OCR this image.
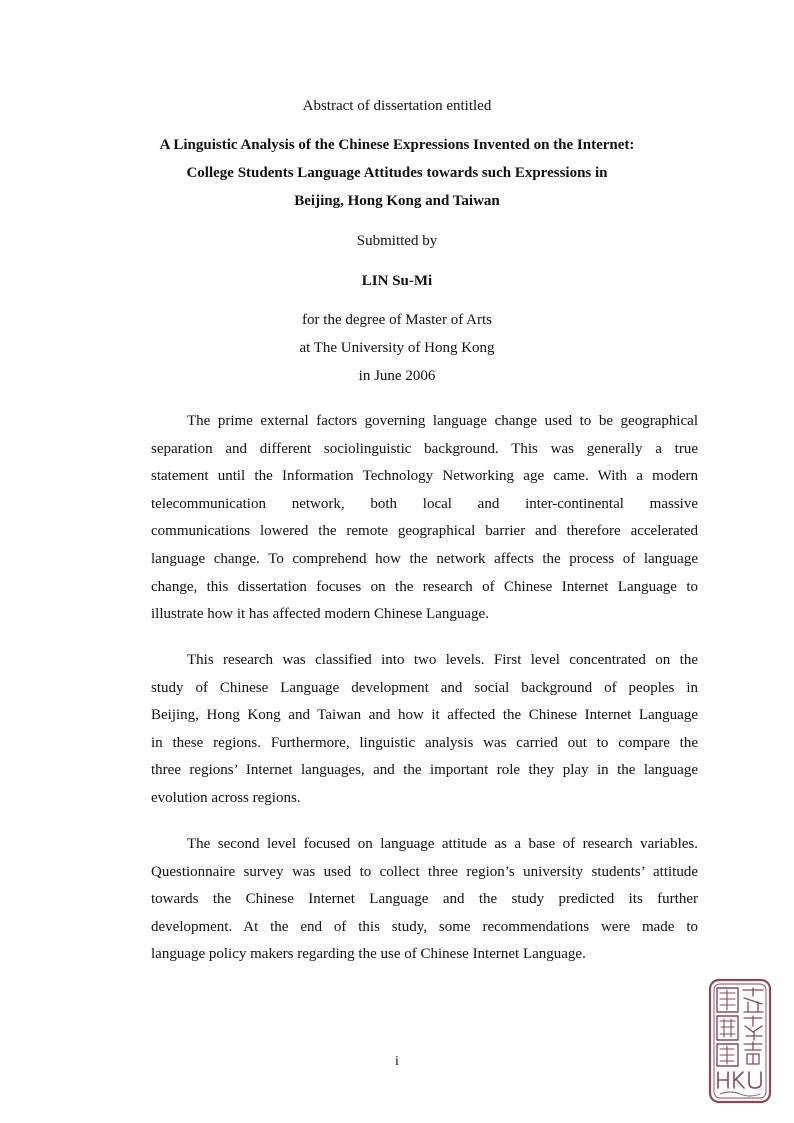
Abstract of dissertation entitled
A Linguistic Analysis of the Chinese Expressions Invented on the Internet:
College Students Language Attitudes towards such Expressions in
Beijing, Hong Kong and Taiwan
Submitted by
LIN Su-Mi
for the degree of Master of Arts
at The University of Hong Kong
in June 2006
The prime external factors governing language change used to be geographical
separation and different sociolinguistic background. This was generally a true
statement until the Information Technology Networking age came. With a modern
telecommunication network, both local and inter-continental massive
communications lowered the remote geographical barrier and therefore accelerated
language change. To comprehend how the network affects the process of language
change, this dissertation focuses on the research of Chinese Internet Language to
illustrate how it has affected modern Chinese Language.
This research was classified into two levels. First level concentrated on the
study of Chinese Language development and social background of peoples in
Beijing, Hong Kong and Taiwan and how it affected the Chinese Internet Language
in these regions. Furthermore, linguistic analysis was carried out to compare the
three regions’ Internet languages, and the important role they play in the language
evolution across regions.
The second level focused on language attitude as a base of research variables.
Questionnaire survey was used to collect three region’s university students’ attitude
towards the Chinese Internet Language and the study predicted its further
development. At the end of this study, some recommendations were made to
language policy makers regarding the use of Chinese Internet Language.
i
